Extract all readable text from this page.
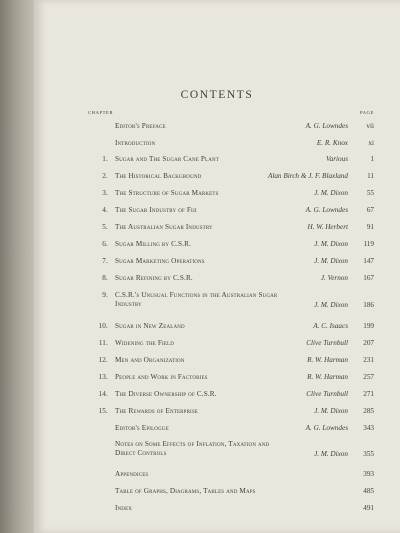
CONTENTS
CHAPTER	PAGE
Editor's Preface	A. G. Lowndes	vii
Introduction	E. R. Knox	xi
1. Sugar and The Sugar Cane Plant	Various	1
2. The Historical Background	Alan Birch & J. F. Blaxland	11
3. The Structure of Sugar Markets	J. M. Dixon	55
4. The Sugar Industry of Fiji	A. G. Lowndes	67
5. The Australian Sugar Industry	H. W. Herbert	91
6. Sugar Milling by C.S.R.	J. M. Dixon 119
7. Sugar Marketing Operations	J. M. Dixon 147
8. Sugar Refining by C.S.R.	J. Vernon 167
9. C.S.R.'s Unusual Functions in the Australian Sugar Industry	J. M. Dixon 186
10. Sugar in New Zealand	A. C. Isaacs 199
11. Widening the Field	Clive Turnbull 207
12. Men and Organization	R. W. Harman 231
13. People and Work in Factories	R. W. Harman 257
14. The Diverse Ownership of C.S.R.	Clive Turnbull 271
15. The Rewards of Enterprise	J. M. Dixon 285
Editor's Epilogue	A. G. Lowndes 343
Notes on Some Effects of Inflation, Taxation and Direct Controls	J. M. Dixon 355
Appendices	393
Table of Graphs, Diagrams, Tables and Maps	485
Index	491
